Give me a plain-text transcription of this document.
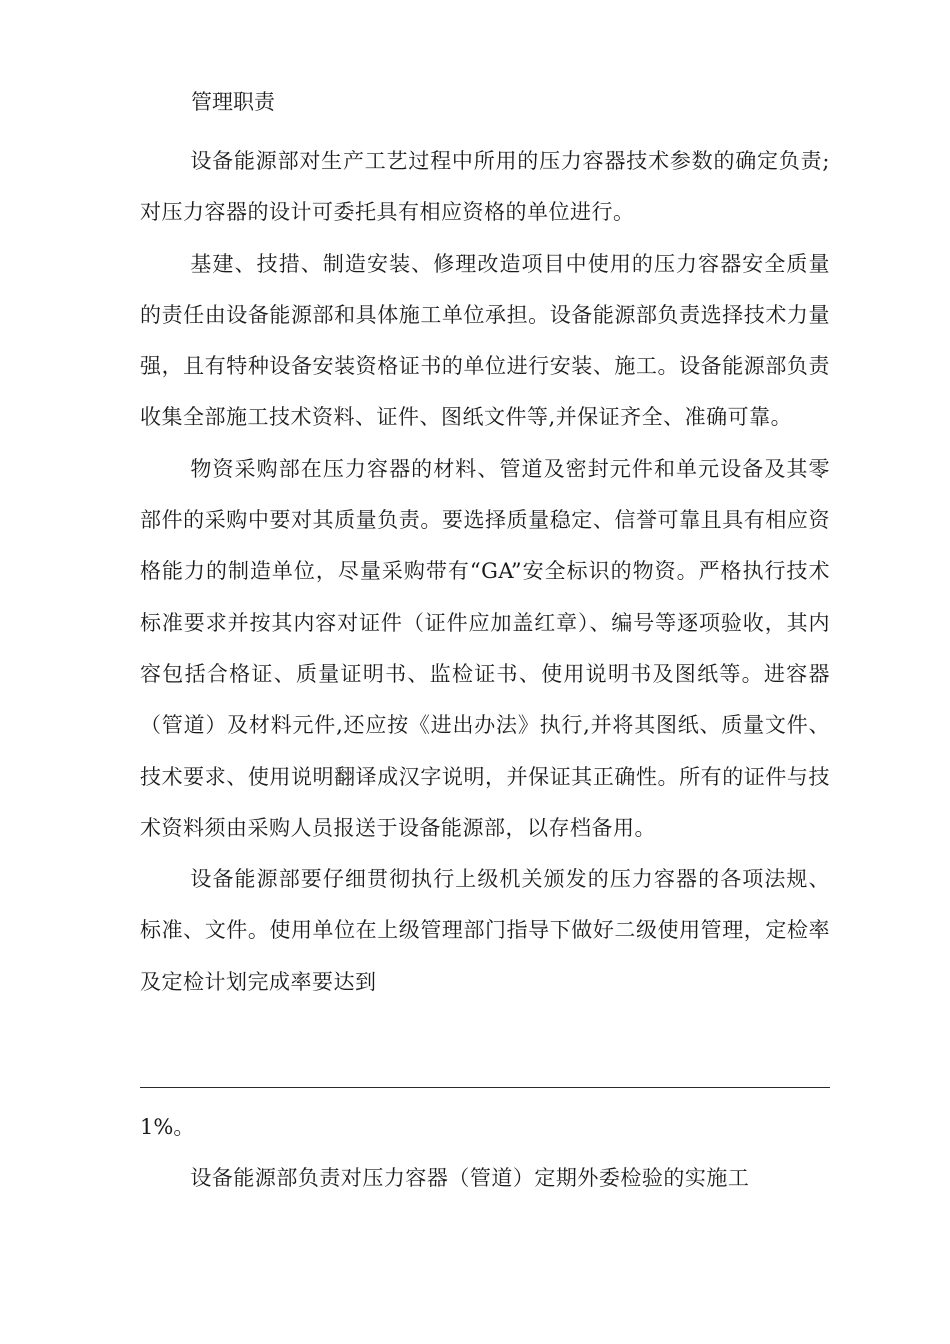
管理职责

设备能源部对生产工艺过程中所用的压力容器技术参数的确定负责;对压力容器的设计可委托具有相应资格的单位进行。

基建、技措、制造安装、修理改造项目中使用的压力容器安全质量的责任由设备能源部和具体施工单位承担。设备能源部负责选择技术力量强，且有特种设备安装资格证书的单位进行安装、施工。设备能源部负责收集全部施工技术资料、证件、图纸文件等,并保证齐全、准确可靠。

物资采购部在压力容器的材料、管道及密封元件和单元设备及其零部件的采购中要对其质量负责。要选择质量稳定、信誉可靠且具有相应资格能力的制造单位，尽量采购带有“GA”安全标识的物资。严格执行技术标准要求并按其内容对证件（证件应加盖红章）、编号等逐项验收，其内容包括合格证、质量证明书、监检证书、使用说明书及图纸等。进容器（管道）及材料元件,还应按《进出办法》执行,并将其图纸、质量文件、技术要求、使用说明翻译成汉字说明，并保证其正确性。所有的证件与技术资料须由采购人员报送于设备能源部，以存档备用。

设备能源部要仔细贯彻执行上级机关颁发的压力容器的各项法规、标准、文件。使用单位在上级管理部门指导下做好二级使用管理，定检率及定检计划完成率要达到

1%。

设备能源部负责对压力容器（管道）定期外委检验的实施工
